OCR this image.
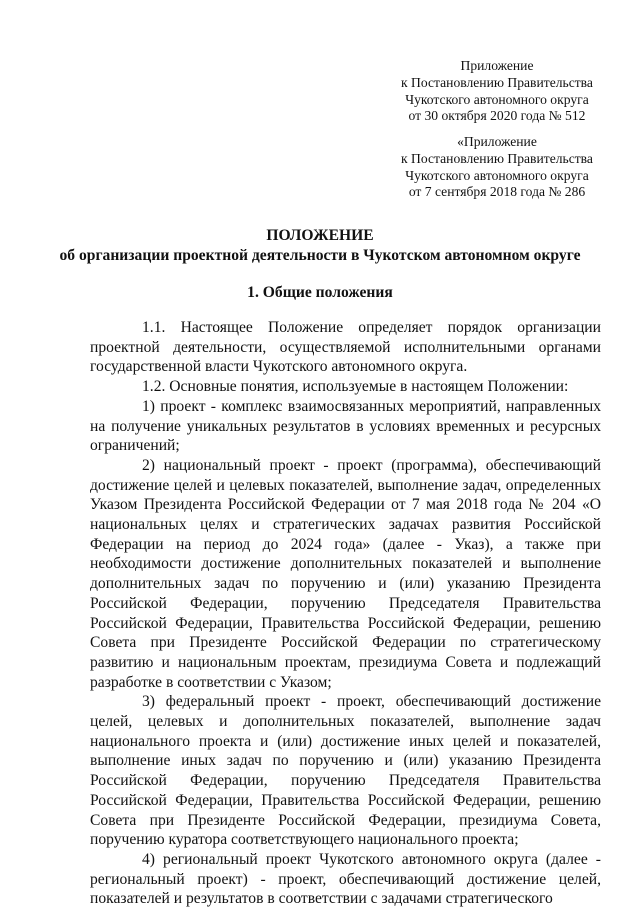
Приложение
к Постановлению Правительства
Чукотского автономного округа
от 30 октября 2020 года № 512
«Приложение
к Постановлению Правительства
Чукотского автономного округа
от 7 сентября 2018 года № 286
ПОЛОЖЕНИЕ
об организации проектной деятельности в Чукотском автономном округе
1. Общие положения

1.1. Настоящее Положение определяет порядок организации проектной деятельности, осуществляемой исполнительными органами государственной власти Чукотского автономного округа.

1.2. Основные понятия, используемые в настоящем Положении:

1) проект - комплекс взаимосвязанных мероприятий, направленных на получение уникальных результатов в условиях временных и ресурсных ограничений;

2) национальный проект - проект (программа), обеспечивающий достижение целей и целевых показателей, выполнение задач, определенных Указом Президента Российской Федерации от 7 мая 2018 года № 204 «О национальных целях и стратегических задачах развития Российской Федерации на период до 2024 года» (далее - Указ), а также при необходимости достижение дополнительных показателей и выполнение дополнительных задач по поручению и (или) указанию Президента Российской Федерации, поручению Председателя Правительства Российской Федерации, Правительства Российской Федерации, решению Совета при Президенте Российской Федерации по стратегическому развитию и национальным проектам, президиума Совета и подлежащий разработке в соответствии с Указом;

3) федеральный проект - проект, обеспечивающий достижение целей, целевых и дополнительных показателей, выполнение задач национального проекта и (или) достижение иных целей и показателей, выполнение иных задач по поручению и (или) указанию Президента Российской Федерации, поручению Председателя Правительства Российской Федерации, Правительства Российской Федерации, решению Совета при Президенте Российской Федерации, президиума Совета, поручению куратора соответствующего национального проекта;

4) региональный проект Чукотского автономного округа (далее - региональный проект) - проект, обеспечивающий достижение целей, показателей и результатов в соответствии с задачами стратегического
